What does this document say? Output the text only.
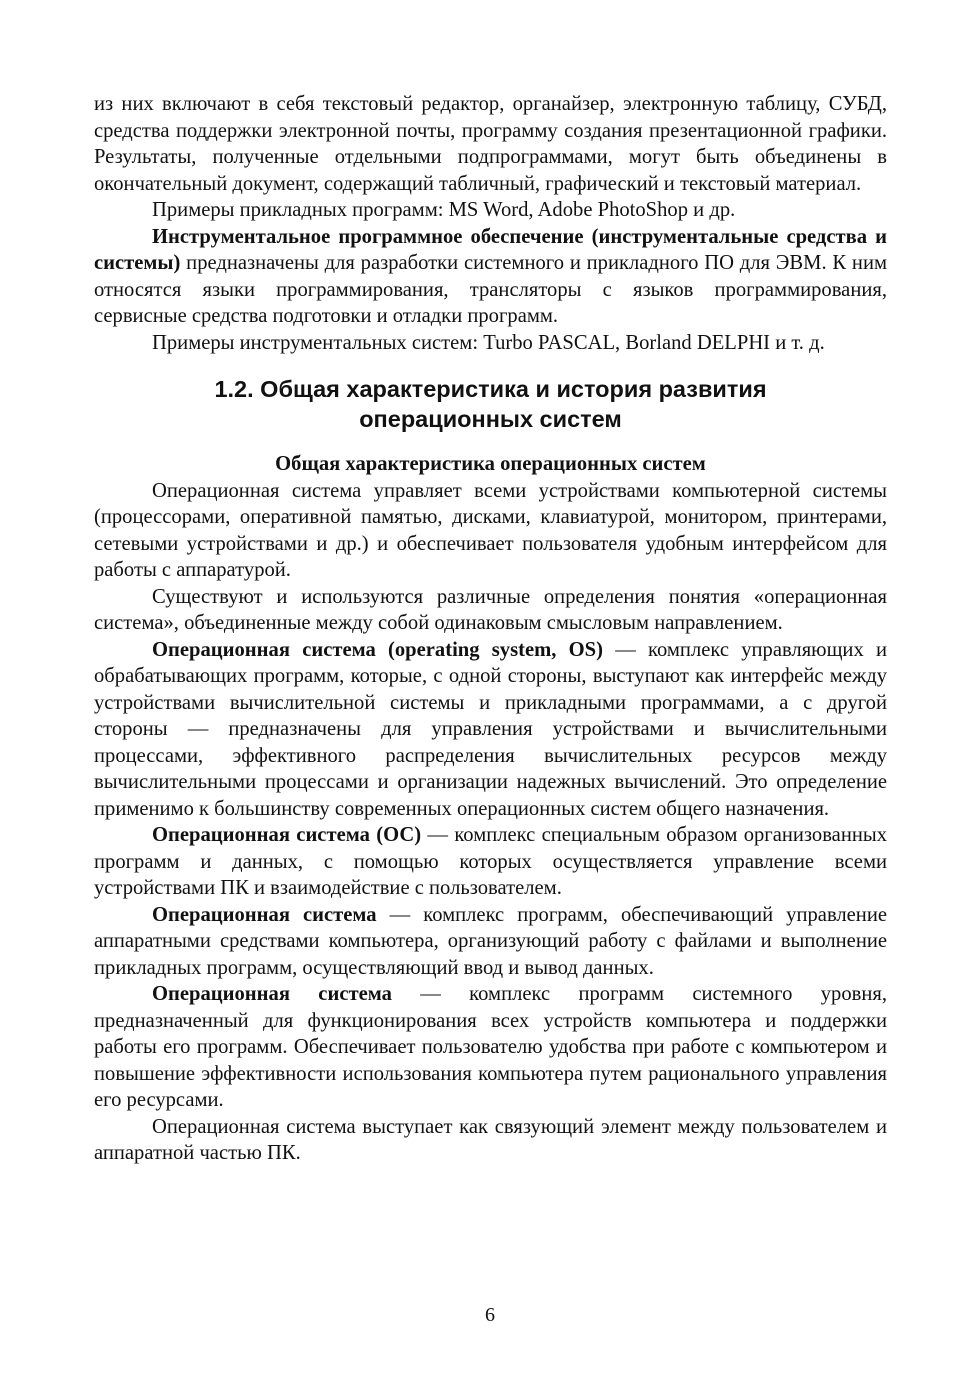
из них включают в себя текстовый редактор, органайзер, электронную таблицу, СУБД, средства поддержки электронной почты, программу создания презентационной графики. Результаты, полученные отдельными подпрограммами, могут быть объединены в окончательный документ, содержащий табличный, графический и текстовый материал.

Примеры прикладных программ: MS Word, Adobe PhotoShop и др.

Инструментальное программное обеспечение (инструментальные средства и системы) предназначены для разработки системного и прикладного ПО для ЭВМ. К ним относятся языки программирования, трансляторы с языков программирования, сервисные средства подготовки и отладки программ.

Примеры инструментальных систем: Turbo PASCAL, Borland DELPHI и т. д.

1.2. Общая характеристика и история развития
операционных систем

Общая характеристика операционных систем

Операционная система управляет всеми устройствами компьютерной системы (процессорами, оперативной памятью, дисками, клавиатурой, монитором, принтерами, сетевыми устройствами и др.) и обеспечивает пользователя удобным интерфейсом для работы с аппаратурой.

Существуют и используются различные определения понятия «операционная система», объединенные между собой одинаковым смысловым направлением.

Операционная система (operating system, OS) — комплекс управляющих и обрабатывающих программ, которые, с одной стороны, выступают как интерфейс между устройствами вычислительной системы и прикладными программами, а с другой стороны — предназначены для управления устройствами и вычислительными процессами, эффективного распределения вычислительных ресурсов между вычислительными процессами и организации надежных вычислений. Это определение применимо к большинству современных операционных систем общего назначения.

Операционная система (ОС) — комплекс специальным образом организованных программ и данных, с помощью которых осуществляется управление всеми устройствами ПК и взаимодействие с пользователем.

Операционная система — комплекс программ, обеспечивающий управление аппаратными средствами компьютера, организующий работу с файлами и выполнение прикладных программ, осуществляющий ввод и вывод данных.

Операционная система — комплекс программ системного уровня, предназначенный для функционирования всех устройств компьютера и поддержки работы его программ. Обеспечивает пользователю удобства при работе с компьютером и повышение эффективности использования компьютера путем рационального управления его ресурсами.

Операционная система выступает как связующий элемент между пользователем и аппаратной частью ПК.

6
